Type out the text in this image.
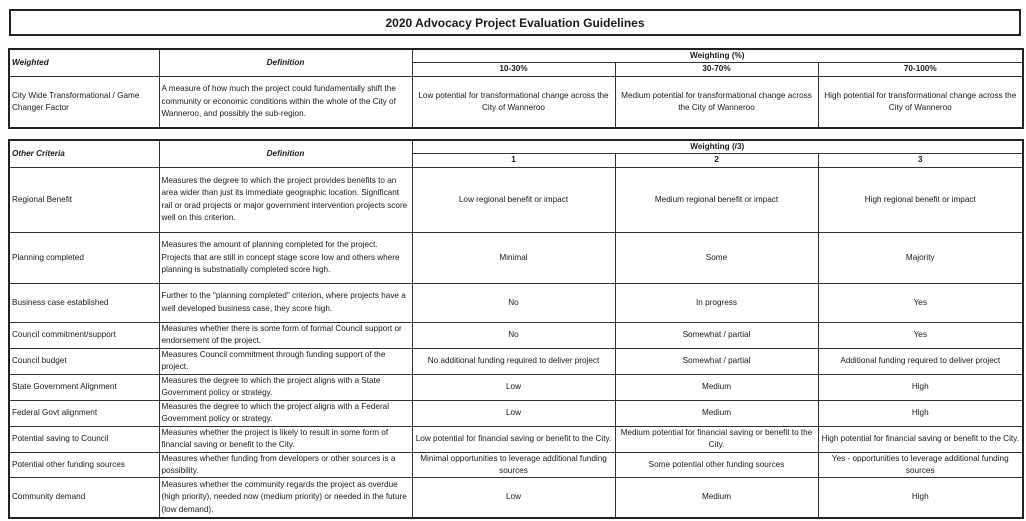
2020 Advocacy Project Evaluation Guidelines
Weighted	Definition	Weighting (%)		
		10-30%	30-70%	70-100%
City Wide Transformational / Game Changer Factor	A measure of how much the project could fundamentally shift the community or economic conditions within the whole of the City of Wanneroo, and possibly the sub-region.	Low potential for transformational change across the City of Wanneroo	Medium potential for transformational change across the City of Wanneroo	High potential for transformational change across the City of Wanneroo
Other Criteria	Definition	Weighting (/3)		
		1	2	3
Regional Benefit	Measures the degree to which the project provides benefits to an area wider than just its immediate geographic location. Significant rail or orad projects or major government intervention projects score well on this criterion.	Low regional benefit or impact	Medium regional benefit or impact	High regional benefit or impact
Planning completed	Measures the amount of planning completed for the project. Projects that are still in concept stage score low and others where planning is substnatially completed score high.	Minimal	Some	Majority
Business case established	Further to the "planning completed" criterion, where projects have a well developed business case, they score high.	No	In progress	Yes
Council commitment/support	Measures whether there is some form of formal Council support or endorsement of the project.	No	Somewhat / partial	Yes
Council budget	Measures Council commitment through funding support of the project.	No additional funding required to deliver project	Somewhat / partial	Additional funding required to deliver project
State Government Alignment	Measures the degree to which the project aligns with a State Government policy or strategy.	Low	Medium	High
Federal Govt alignment	Measures the degree to which the project aligns with a Federal Government policy or strategy.	Low	Medium	High
Potential saving to Council	Measures whether the project is likely to result in some form of financial saving or benefit to the City.	Low potential for financial saving or benefit to the City.	Medium potential for financial saving or benefit to the City.	High potential for financial saving or benefit to the City.
Potential other funding sources	Measures whether funding from developers or other sources is a possibility.	Minimal opportunities to leverage additional funding sources	Some potential other funding sources	Yes - opportunities to leverage additional funding sources
Community demand	Measures whether the community regards the project as overdue (high priority), needed now (medium priority) or needed in the future (low demand).	Low	Medium	High
